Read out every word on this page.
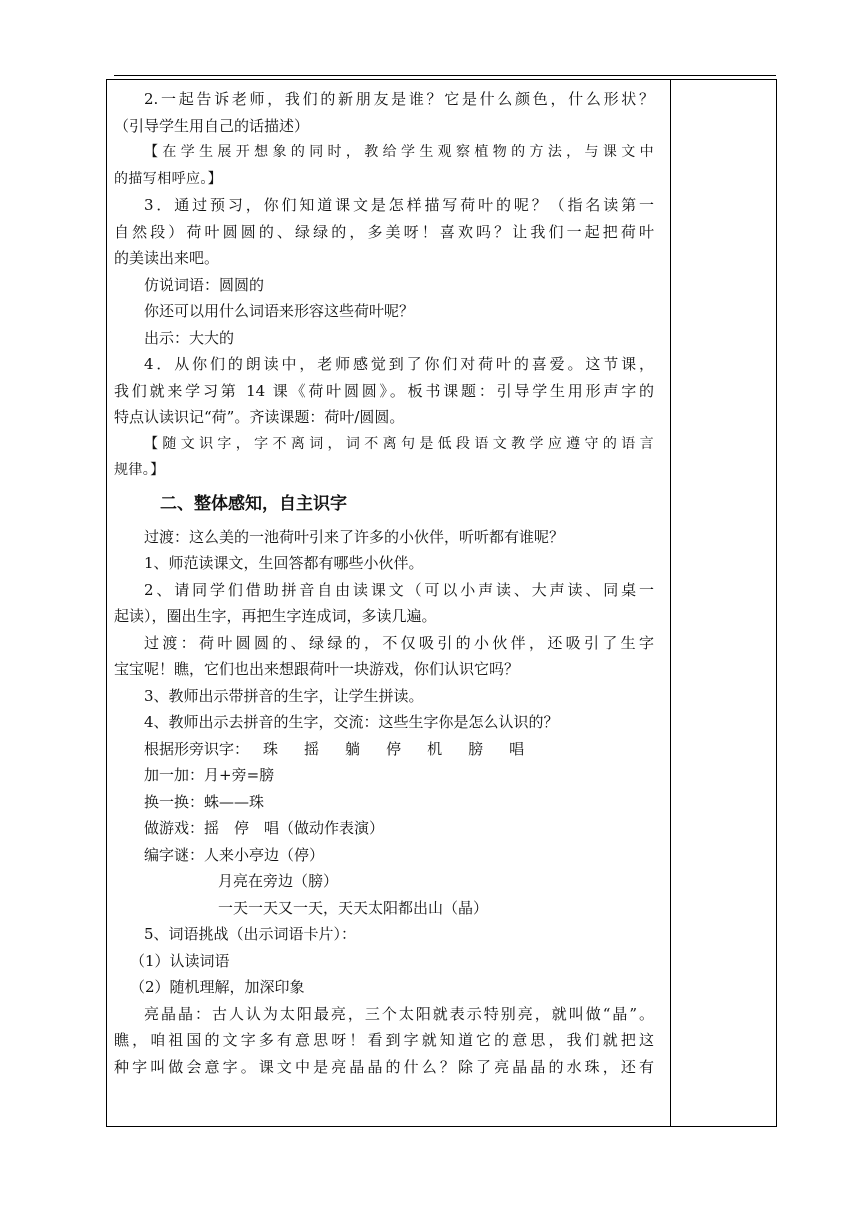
2.一起告诉老师，我们的新朋友是谁？它是什么颜色，什么形状？
（引导学生用自己的话描述）
【在学生展开想象的同时，教给学生观察植物的方法，与课文中
的描写相呼应。】
3．通过预习，你们知道课文是怎样描写荷叶的呢？（指名读第一
自然段）荷叶圆圆的、绿绿的，多美呀！喜欢吗？让我们一起把荷叶
的美读出来吧。
仿说词语：圆圆的
你还可以用什么词语来形容这些荷叶呢？
出示：大大的
4．从你们的朗读中，老师感觉到了你们对荷叶的喜爱。这节课，
我们就来学习第 14 课《荷叶圆圆》。板书课题：引导学生用形声字的
特点认读识记“荷”。齐读课题：荷叶/圆圆。
【随文识字，字不离词，词不离句是低段语文教学应遵守的语言
规律。】
二、整体感知，自主识字
过渡：这么美的一池荷叶引来了许多的小伙伴，听听都有谁呢？
1、师范读课文，生回答都有哪些小伙伴。
2、请同学们借助拼音自由读课文（可以小声读、大声读、同桌一
起读），圈出生字，再把生字连成词，多读几遍。
过渡：荷叶圆圆的、绿绿的，不仅吸引的小伙伴，还吸引了生字
宝宝呢！瞧，它们也出来想跟荷叶一块游戏，你们认识它吗？
3、教师出示带拼音的生字，让学生拼读。
4、教师出示去拼音的生字，交流：这些生字你是怎么认识的？
根据形旁识字： 珠 摇 躺 停 机 膀 唱
加一加：月+旁=膀
换一换：蛛——珠
做游戏：摇　停　唱（做动作表演）
编字谜：人来小亭边（停）
月亮在旁边（膀）
一天一天又一天，天天太阳都出山（晶）
5、词语挑战（出示词语卡片）：
（1）认读词语
（2）随机理解，加深印象
亮晶晶：古人认为太阳最亮，三个太阳就表示特别亮，就叫做“晶”。
瞧，咱祖国的文字多有意思呀！看到字就知道它的意思，我们就把这
种字叫做会意字。课文中是亮晶晶的什么？除了亮晶晶的水珠，还有
